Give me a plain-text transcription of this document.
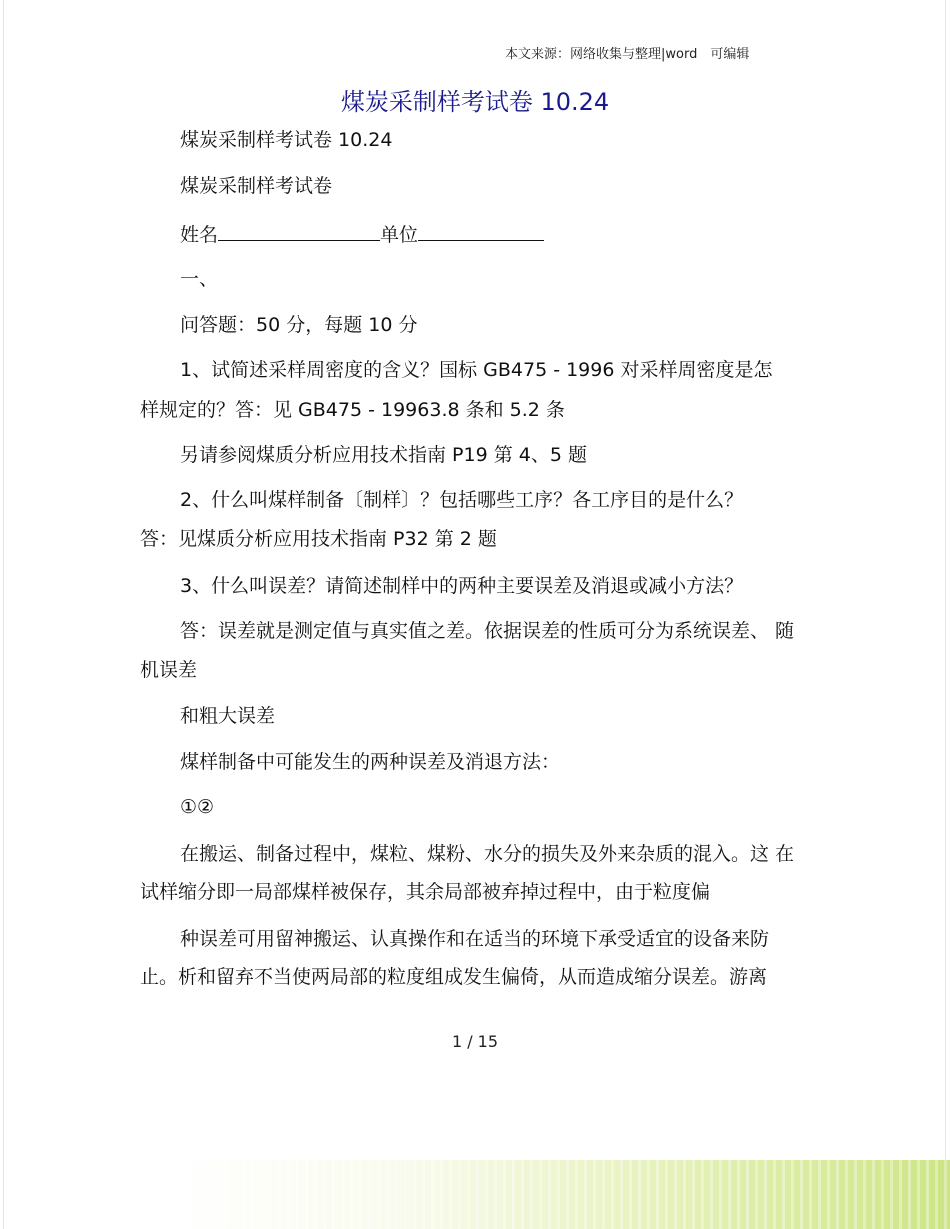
本文来源：网络收集与整理|word　可编辑
煤炭采制样考试卷 10.24
煤炭采制样考试卷 10.24
煤炭采制样考试卷
姓名	单位
一、
问答题：50 分，每题 10 分
1、试简述采样周密度的含义？国标 GB475 - 1996 对采样周密度是怎
样规定的？答：见 GB475 - 19963.8 条和 5.2 条
另请参阅煤质分析应用技术指南 P19 第 4、5 题
2、什么叫煤样制备〔制样〕？包括哪些工序？各工序目的是什么？
答：见煤质分析应用技术指南 P32 第 2 题
3、什么叫误差？请简述制样中的两种主要误差及消退或减小方法？
答：误差就是测定值与真实值之差。依据误差的性质可分为系统误差、 随
机误差
和粗大误差
煤样制备中可能发生的两种误差及消退方法：
①②
在搬运、制备过程中，煤粒、煤粉、水分的损失及外来杂质的混入。这 在
试样缩分即一局部煤样被保存，其余局部被弃掉过程中，由于粒度偏
种误差可用留神搬运、认真操作和在适当的环境下承受适宜的设备来防
止。析和留弃不当使两局部的粒度组成发生偏倚，从而造成缩分误差。游离
1 / 15
